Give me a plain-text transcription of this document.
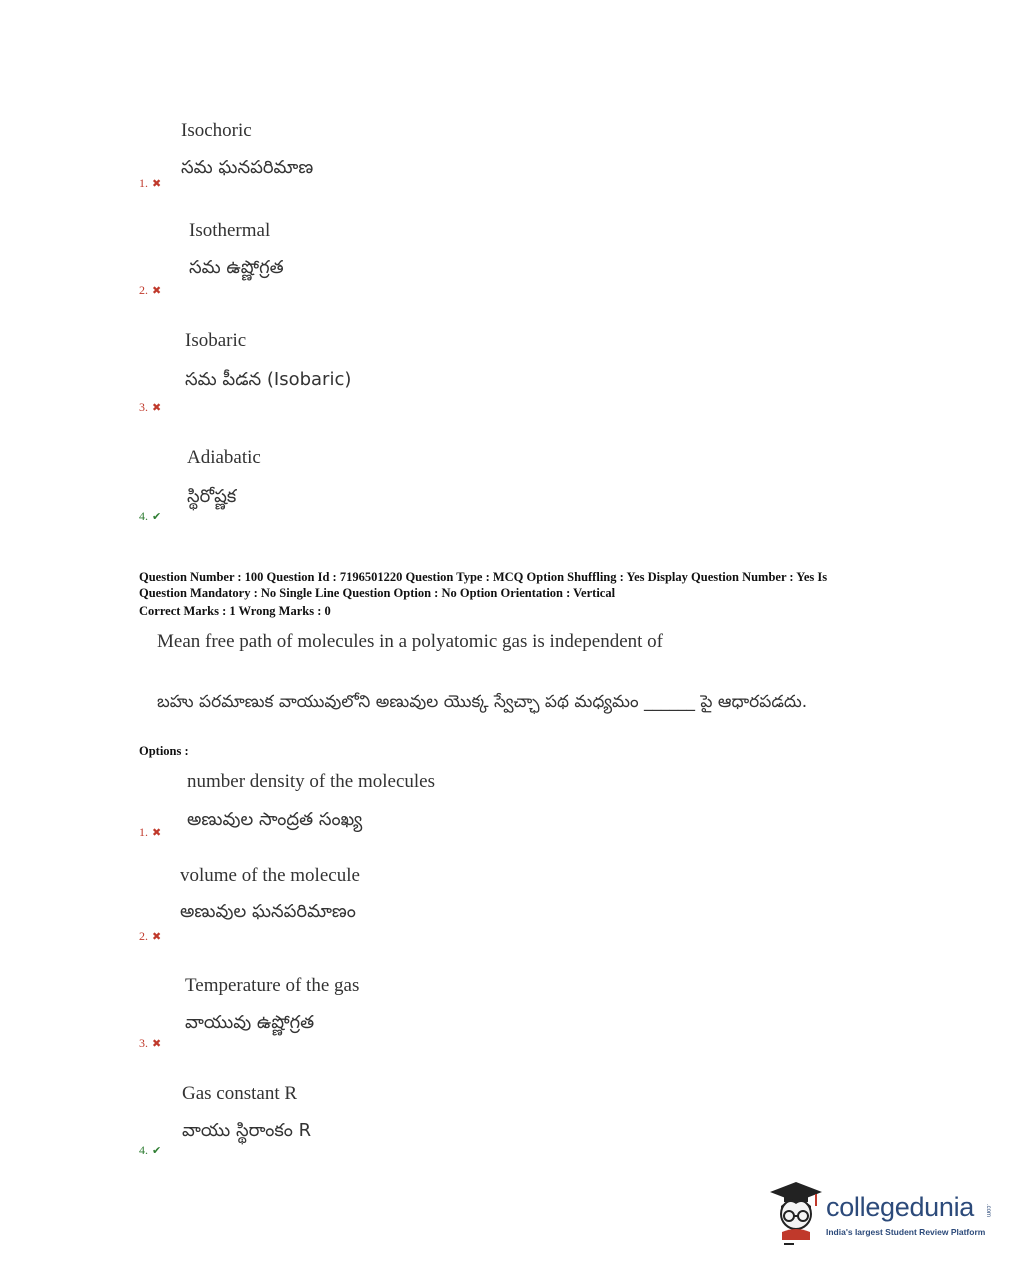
Isochoric
సమ ఘనపరిమాణ
1. ✖
Isothermal
సమ ఉష్ణోగ్రత
2. ✖
Isobaric
సమ పీడన (Isobaric)
3. ✖
Adiabatic
స్థిరోష్ణక
4. ✔
Question Number : 100 Question Id : 7196501220 Question Type : MCQ Option Shuffling : Yes Display Question Number : Yes Is
Question Mandatory : No Single Line Question Option : No Option Orientation : Vertical
Correct Marks : 1 Wrong Marks : 0
Mean free path of molecules in a polyatomic gas is independent of
బహు పరమాణుక వాయువులోని అణువుల యొక్క స్వేచ్ఛా పథ మధ్యమం ______ పై ఆధారపడదు.
Options :
number density of the molecules
అణువుల సాంద్రత సంఖ్య
1. ✖
volume of the molecule
అణువుల ఘనపరిమాణం
2. ✖
Temperature of the gas
వాయువు ఉష్ణోగ్రత
3. ✖
Gas constant R
వాయు స్థిరాంకం R
4. ✔
collegedunia .com
India's largest Student Review Platform
